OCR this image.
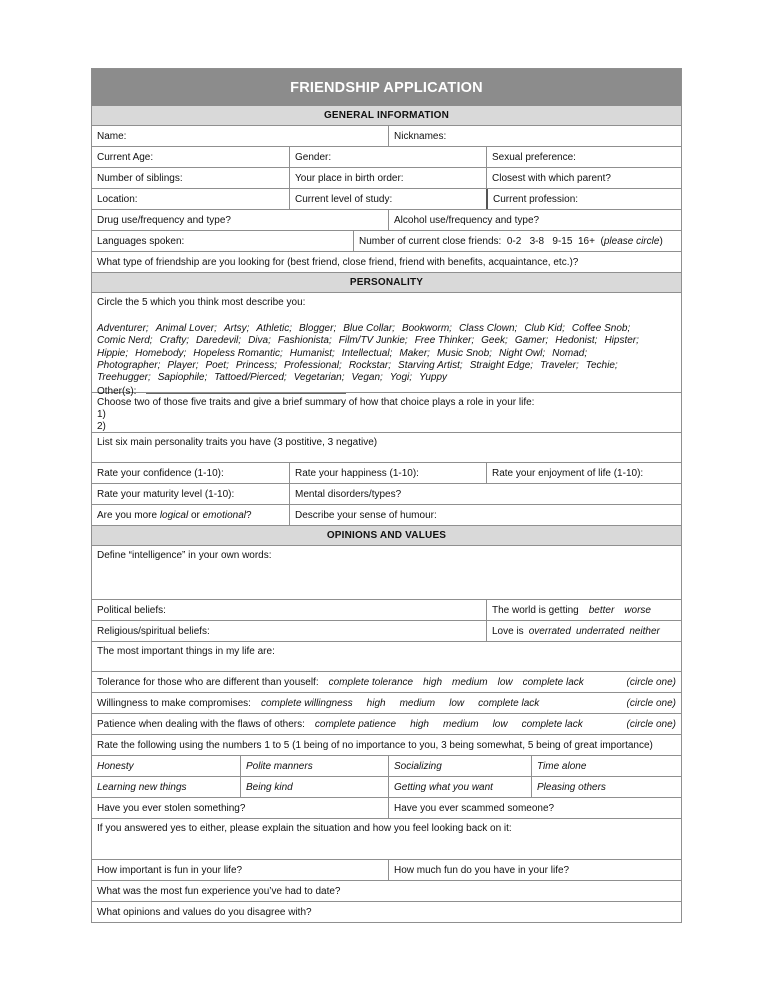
FRIENDSHIP APPLICATION
GENERAL INFORMATION
Name:	Nicknames:
Current Age:	Gender:	Sexual preference:
Number of siblings:	Your place in birth order:	Closest with which parent?
Location:	Current level of study:	Current profession:
Drug use/frequency and type?	Alcohol use/frequency and type?
Languages spoken:	Number of current close friends:  0-2   3-8   9-15  16+  ( please circle )
What type of friendship are you looking for (best friend, close friend, friend with benefits, acquaintance, etc.)?
PERSONALITY
Circle the 5 which you think most describe you:
Adventurer; Animal Lover; Artsy; Athletic; Blogger; Blue Collar; Bookworm; Class Clown; Club Kid; Coffee Snob;
Comic Nerd; Crafty; Daredevil; Diva; Fashionista; Film/TV Junkie; Free Thinker; Geek; Gamer; Hedonist; Hipster;
Hippie; Homebody; Hopeless Romantic; Humanist; Intellectual; Maker; Music Snob; Night Owl; Nomad;
Photographer; Player; Poet; Princess; Professional; Rockstar; Starving Artist; Straight Edge; Traveler; Techie;
Treehugger; Sapiophile; Tattoed/Pierced; Vegetarian; Vegan; Yogi; Yuppy
Other(s):
Choose two of those five traits and give a brief summary of how that choice plays a role in your life:
1)
2)
List six main personality traits you have (3 postitive, 3 negative)
Rate your confidence (1-10):	Rate your happiness (1-10):	Rate your enjoyment of life (1-10):
Rate your maturity level (1-10):	Mental disorders/types?
Are you more logical or emotional ?	Describe your sense of humour:
OPINIONS AND VALUES
Define “intelligence” in your own words:
Political beliefs:	The world is getting better worse
Religious/spiritual beliefs:	Love is overrated underrated neither
The most important things in my life are:
Tolerance for those who are different than youself: complete tolerance high medium low complete lack	(circle one)
Willingness to make compromises: complete willingness high medium low complete lack	(circle one)
Patience when dealing with the flaws of others: complete patience high medium low complete lack	(circle one)
Rate the following using the numbers 1 to 5 (1 being of no importance to you, 3 being somewhat, 5 being of great importance)
Honesty	Polite manners	Socializing	Time alone
Learning new things	Being kind	Getting what you want	Pleasing others
Have you ever stolen something?	Have you ever scammed someone?
If you answered yes to either, please explain the situation and how you feel looking back on it:
How important is fun in your life?	How much fun do you have in your life?
What was the most fun experience you’ve had to date?
What opinions and values do you disagree with?
